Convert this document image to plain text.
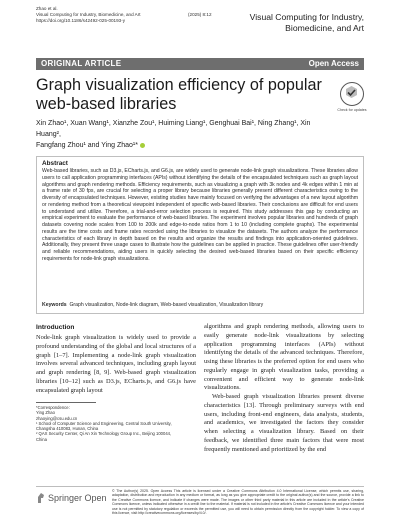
Zhao et al.
Visual Computing for Industry, Biomedicine, and Art
https://doi.org/10.1186/s42492-025-00193-y
(2025) 8:12	Visual Computing for Industry,
Biomedicine, and Art
ORIGINAL ARTICLE	Open Access
Graph visualization efficiency of popular
web-based libraries	Check for updates
Xin Zhao¹, Xuan Wang¹, Xianzhe Zou¹, Huiming Liang¹, Genghuai Bai¹, Ning Zhang¹, Xin Huang²,
Fangfang Zhou¹ and Ying Zhao¹*
Abstract
Web-based libraries, such as D3.js, ECharts.js, and G6.js, are widely used to generate node-link graph visualizations. These libraries allow users to call application programming interfaces (APIs) without identifying the details of the encapsulated techniques such as graph layout algorithms and graph rendering methods. Efficiency requirements, such as visualizing a graph with 3k nodes and 4k edges within 1 min at a frame rate of 30 fps, are crucial for selecting a proper library because libraries generally present different characteristics owing to the diversity of encapsulated techniques. However, existing studies have mainly focused on verifying the advantages of a new layout algorithm or rendering method from a theoretical viewpoint independent of specific web-based libraries. Their conclusions are difficult for end users to understand and utilize. Therefore, a trial-and-error selection process is required. This study addresses this gap by conducting an empirical experiment to evaluate the performance of web-based libraries. The experiment involves popular libraries and hundreds of graph datasets covering node scales from 100 to 200k and edge-to-node ratios from 1 to 10 (including complete graphs). The experimental results are the time costs and frame rates recorded using the libraries to visualize the datasets. The authors analyze the performance characteristics of each library in depth based on the results and organize the results and findings into application-oriented guidelines. Additionally, they present three usage cases to illustrate how the guidelines can be applied in practice. These guidelines offer user-friendly and reliable recommendations, aiding users in quickly selecting the desired web-based libraries based on their specific efficiency requirements for node-link graph visualizations.
Keywords Graph visualization, Node-link diagram, Web-based visualization, Visualization library
Introduction
Node-link graph visualization is widely used to provide a profound understanding of the global and local structures of a graph [1–7]. Implementing a node-link graph visualization involves several advanced techniques, including graph layout and graph rendering [8, 9]. Web-based graph visualization libraries [10–12] such as D3.js, ECharts.js, and G6.js have encapsulated graph layout
*Correspondence:
Ying Zhao
zhaoying@csu.edu.cn
¹ School of Computer Science and Engineering, Central South University,
Changsha 410083, Hunan, China
² QAX Security Center, Qi An Xin Technology Group Inc., Beijing 100044,
China

algorithms and graph rendering methods, allowing users to easily generate node-link visualizations by selecting application programming interfaces (APIs) without identifying the details of the advanced techniques. Therefore, using these libraries is the preferred option for end users who regularly engage in graph visualization tasks, providing a convenient and efficient way to generate node-link visualizations.

Web-based graph visualization libraries present diverse characteristics [13]. Through preliminary surveys with end users, including front-end engineers, data analysts, students, and academics, we investigated the factors they consider when selecting a visualization library. Based on their feedback, we identified three main factors that were most frequently mentioned and prioritized by the end

Springer Open
© The Author(s) 2025. Open Access This article is licensed under a Creative Commons Attribution 4.0 International License, which permits use, sharing, adaptation, distribution and reproduction in any medium or format, as long as you give appropriate credit to the original author(s) and the source, provide a link to the Creative Commons licence, and indicate if changes were made. The images or other third party material in this article are included in the article's Creative Commons licence, unless indicated otherwise in a credit line to the material. If material is not included in the article's Creative Commons licence and your intended use is not permitted by statutory regulation or exceeds the permitted use, you will need to obtain permission directly from the copyright holder. To view a copy of this licence, visit http://creativecommons.org/licenses/by/4.0/.
